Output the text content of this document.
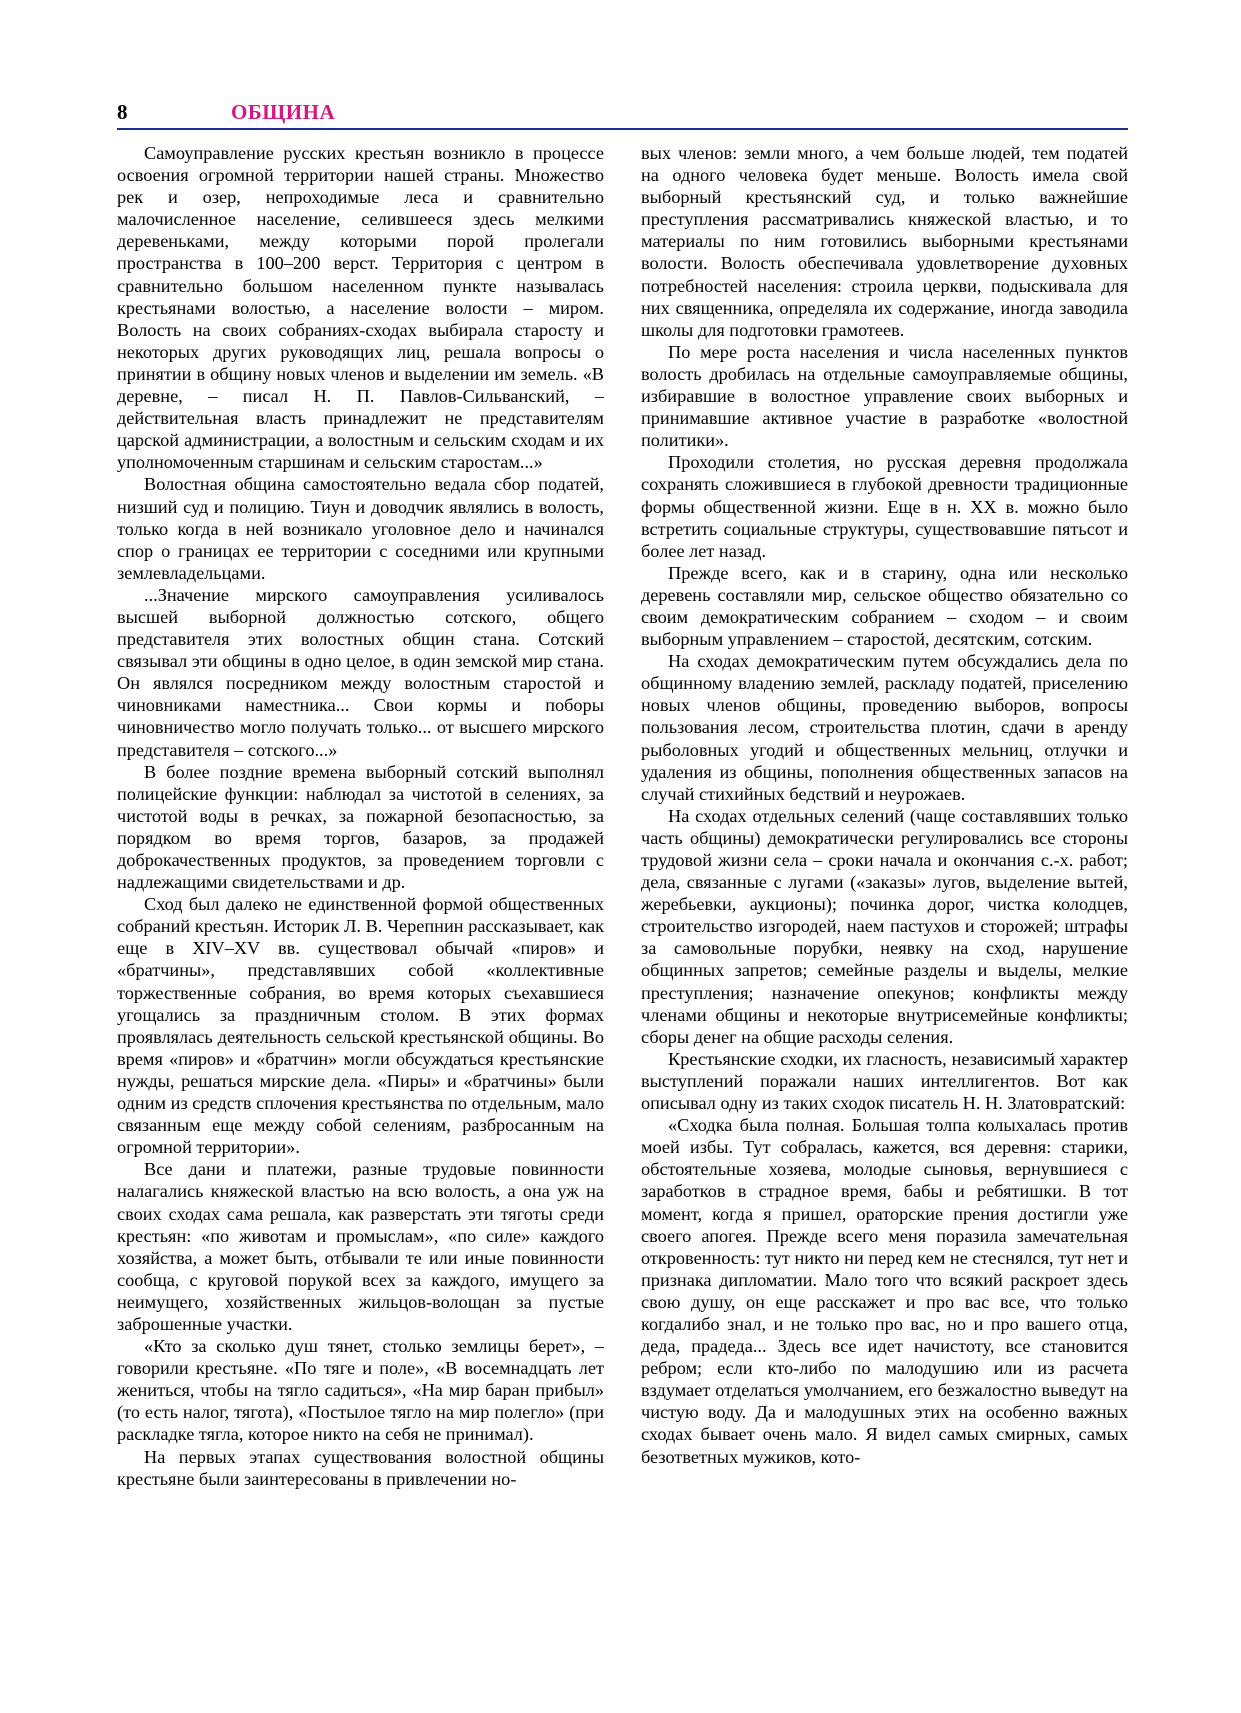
8	ОБЩИНА

Самоуправление русских крестьян возникло в процессе освоения огромной территории нашей страны. Множество рек и озер, непроходимые леса и сравнительно малочисленное население, селившееся здесь мелкими деревеньками, между которыми порой пролегали пространства в 100–200 верст. Территория с центром в сравнительно большом населенном пункте называлась крестьянами волостью, а население волости – миром. Волость на своих собраниях-сходах выбирала старосту и некоторых других руководящих лиц, решала вопросы о принятии в общину новых членов и выделении им земель. «В деревне, – писал Н. П. Павлов-Сильванский, – действительная власть принадлежит не представителям царской администрации, а волостным и сельским сходам и их уполномоченным старшинам и сельским старостам...»

Волостная община самостоятельно ведала сбор податей, низший суд и полицию. Тиун и доводчик являлись в волость, только когда в ней возникало уголовное дело и начинался спор о границах ее территории с соседними или крупными землевладельцами.

...Значение мирского самоуправления усиливалось высшей выборной должностью сотского, общего представителя этих волостных общин стана. Сотский связывал эти общины в одно целое, в один земской мир стана. Он являлся посредником между волостным старостой и чиновниками наместника... Свои кормы и поборы чиновничество могло получать только... от высшего мирского представителя – сотского...»

В более поздние времена выборный сотский выполнял полицейские функции: наблюдал за чистотой в селениях, за чистотой воды в речках, за пожарной безопасностью, за порядком во время торгов, базаров, за продажей доброкачественных продуктов, за проведением торговли с надлежащими свидетельствами и др.

Сход был далеко не единственной формой общественных собраний крестьян. Историк Л. В. Черепнин рассказывает, как еще в XIV–XV вв. существовал обычай «пиров» и «братчины», представлявших собой «коллективные торжественные собрания, во время которых съехавшиеся угощались за праздничным столом. В этих формах проявлялась деятельность сельской крестьянской общины. Во время «пиров» и «братчин» могли обсуждаться крестьянские нужды, решаться мирские дела. «Пиры» и «братчины» были одним из средств сплочения крестьянства по отдельным, мало связанным еще между собой селениям, разбросанным на огромной территории».

Все дани и платежи, разные трудовые повинности налагались княжеской властью на всю волость, а она уж на своих сходах сама решала, как разверстать эти тяготы среди крестьян: «по животам и промыслам», «по силе» каждого хозяйства, а может быть, отбывали те или иные повинности сообща, с круговой порукой всех за каждого, имущего за неимущего, хозяйственных жильцов-волощан за пустые заброшенные участки.

«Кто за сколько душ тянет, столько землицы берет», – говорили крестьяне. «По тяге и поле», «В восемнадцать лет жениться, чтобы на тягло садиться», «На мир баран прибыл» (то есть налог, тягота), «Постылое тягло на мир полегло» (при раскладке тягла, которое никто на себя не принимал).

На первых этапах существования волостной общины крестьяне были заинтересованы в привлечении но-

вых членов: земли много, а чем больше людей, тем податей на одного человека будет меньше. Волость имела свой выборный крестьянский суд, и только важнейшие преступления рассматривались княжеской властью, и то материалы по ним готовились выборными крестьянами волости. Волость обеспечивала удовлетворение духовных потребностей населения: строила церкви, подыскивала для них священника, определяла их содержание, иногда заводила школы для подготовки грамотеев.

По мере роста населения и числа населенных пунктов волость дробилась на отдельные самоуправляемые общины, избиравшие в волостное управление своих выборных и принимавшие активное участие в разработке «волостной политики».

Проходили столетия, но русская деревня продолжала сохранять сложившиеся в глубокой древности традиционные формы общественной жизни. Еще в н. XX в. можно было встретить социальные структуры, существовавшие пятьсот и более лет назад.

Прежде всего, как и в старину, одна или несколько деревень составляли мир, сельское общество обязательно со своим демократическим собранием – сходом – и своим выборным управлением – старостой, десятским, сотским.

На сходах демократическим путем обсуждались дела по общинному владению землей, раскладу податей, приселению новых членов общины, проведению выборов, вопросы пользования лесом, строительства плотин, сдачи в аренду рыболовных угодий и общественных мельниц, отлучки и удаления из общины, пополнения общественных запасов на случай стихийных бедствий и неурожаев.

На сходах отдельных селений (чаще составлявших только часть общины) демократически регулировались все стороны трудовой жизни села – сроки начала и окончания с.-х. работ; дела, связанные с лугами («заказы» лугов, выделение вытей, жеребьевки, аукционы); починка дорог, чистка колодцев, строительство изгородей, наем пастухов и сторожей; штрафы за самовольные порубки, неявку на сход, нарушение общинных запретов; семейные разделы и выделы, мелкие преступления; назначение опекунов; конфликты между членами общины и некоторые внутрисемейные конфликты; сборы денег на общие расходы селения.

Крестьянские сходки, их гласность, независимый характер выступлений поражали наших интеллигентов. Вот как описывал одну из таких сходок писатель Н. Н. Златовратский:

«Сходка была полная. Большая толпа колыхалась против моей избы. Тут собралась, кажется, вся деревня: старики, обстоятельные хозяева, молодые сыновья, вернувшиеся с заработков в страдное время, бабы и ребятишки. В тот момент, когда я пришел, ораторские прения достигли уже своего апогея. Прежде всего меня поразила замечательная откровенность: тут никто ни перед кем не стеснялся, тут нет и признака дипломатии. Мало того что всякий раскроет здесь свою душу, он еще расскажет и про вас все, что только когдалибо знал, и не только про вас, но и про вашего отца, деда, прадеда... Здесь все идет начистоту, все становится ребром; если кто-либо по малодушию или из расчета вздумает отделаться умолчанием, его безжалостно выведут на чистую воду. Да и малодушных этих на особенно важных сходах бывает очень мало. Я видел самых смирных, самых безответных мужиков, кото-
